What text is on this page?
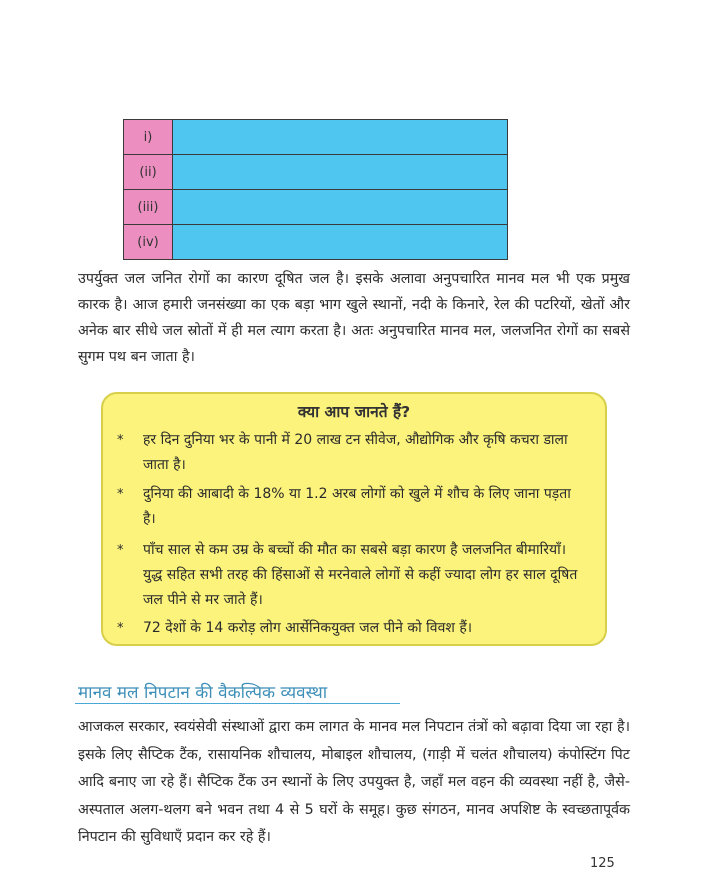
i)	
(ii)	
(iii)	
(iv)	

उपर्युक्त जल जनित रोगों का कारण दूषित जल है। इसके अलावा अनुपचारित मानव मल भी एक प्रमुख कारक है। आज हमारी जनसंख्या का एक बड़ा भाग खुले स्थानों, नदी के किनारे, रेल की पटरियों, खेतों और अनेक बार सीधे जल स्रोतों में ही मल त्याग करता है। अतः अनुपचारित मानव मल, जलजनित रोगों का सबसे सुगम पथ बन जाता है।

क्या आप जानते हैं?
*	हर दिन दुनिया भर के पानी में 20 लाख टन सीवेज, औद्योगिक और कृषि कचरा डाला जाता है।
*	दुनिया की आबादी के 18% या 1.2 अरब लोगों को खुले में शौच के लिए जाना पड़ता है।
*	पाँच साल से कम उम्र के बच्चों की मौत का सबसे बड़ा कारण है जलजनित बीमारियाँ। युद्ध सहित सभी तरह की हिंसाओं से मरनेवाले लोगों से कहीं ज्यादा लोग हर साल दूषित जल पीने से मर जाते हैं।
*	72 देशों के 14 करोड़ लोग आर्सेनिकयुक्त जल पीने को विवश हैं।
मानव मल निपटान की वैकल्पिक व्यवस्था

आजकल सरकार, स्वयंसेवी संस्थाओं द्वारा कम लागत के मानव मल निपटान तंत्रों को बढ़ावा दिया जा रहा है।इसके लिए सैप्टिक टैंक, रासायनिक शौचालय, मोबाइल शौचालय, (गाड़ी में चलंत शौचालय) कंपोस्टिंग पिट आदि बनाए जा रहे हैं। सैप्टिक टैंक उन स्थानों के लिए उपयुक्त है, जहाँ मल वहन की व्यवस्था नहीं है, जैसे-अस्पताल अलग-थलग बने भवन तथा 4 से 5 घरों के समूह। कुछ संगठन, मानव अपशिष्ट के स्वच्छतापूर्वक निपटान की सुविधाएँ प्रदान कर रहे हैं।

125
